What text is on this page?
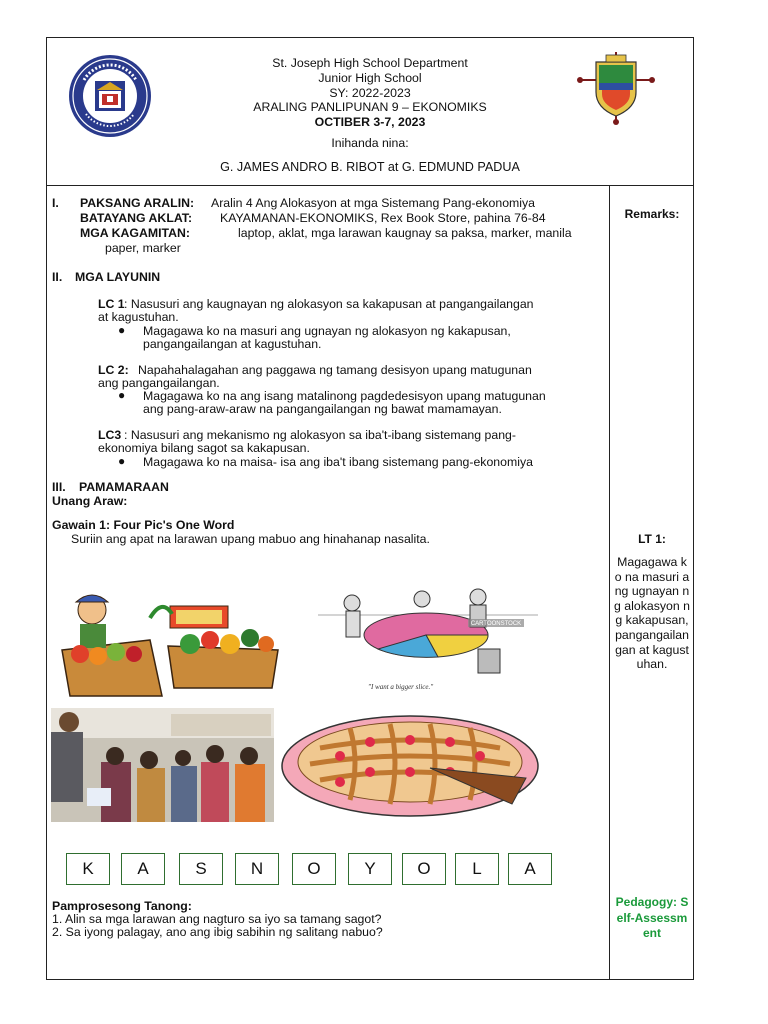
St. Joseph High School Department
Junior High School
SY: 2022-2023
ARALING PANLIPUNAN 9 – EKONOMIKS
OCTIBER 3-7, 2023
Inihanda nina:
G. JAMES ANDRO B. RIBOT at G. EDMUND PADUA
I. PAKSANG ARALIN: Aralin 4 Ang Alokasyon at mga Sistemang Pang-ekonomiya
BATAYANG AKLAT: KAYAMANAN-EKONOMIKS, Rex Book Store, pahina 76-84
MGA KAGAMITAN:	laptop, aklat, mga larawan kaugnay sa paksa, marker, manila
paper, marker
II. MGA LAYUNIN
LC 1 : Nasusuri ang kaugnayan ng alokasyon sa kakapusan at pangangailangan
at kagustuhan.
● Magagawa ko na masuri ang ugnayan ng alokasyon ng kakapusan,
pangangailangan at kagustuhan.
LC 2: Napahahalagahan ang paggawa ng tamang desisyon upang matugunan
ang pangangailangan.
● Magagawa ko na ang isang matalinong pagdedesisyon upang matugunan
ang pang-araw-araw na pangangailangan ng bawat mamamayan.
LC3 : Nasusuri ang mekanismo ng alokasyon sa iba't-ibang sistemang pang-
ekonomiya bilang sagot sa kakapusan.
● Magagawa ko na maisa- isa ang iba't ibang sistemang pang-ekonomiya
III. PAMAMARAAN
Unang Araw:
Gawain 1: Four Pic's One Word
Suriin ang apat na larawan upang mabuo ang hinahanap nasalita.
CARTOONSTOCK
"I want a bigger slice."
K	A	S	N	O	Y	O	L	A
Pamprosesong Tanong:
1. Alin sa mga larawan ang nagturo sa iyo sa tamang sagot?
2. Sa iyong palagay, ano ang ibig sabihin ng salitang nabuo?
Remarks:
LT 1:
Magagawa ko na masuri ang ugnayan ng alokasyon ng kakapusan, pangangailangan at kagustuhan.
Pedagogy: Self-Assessment
